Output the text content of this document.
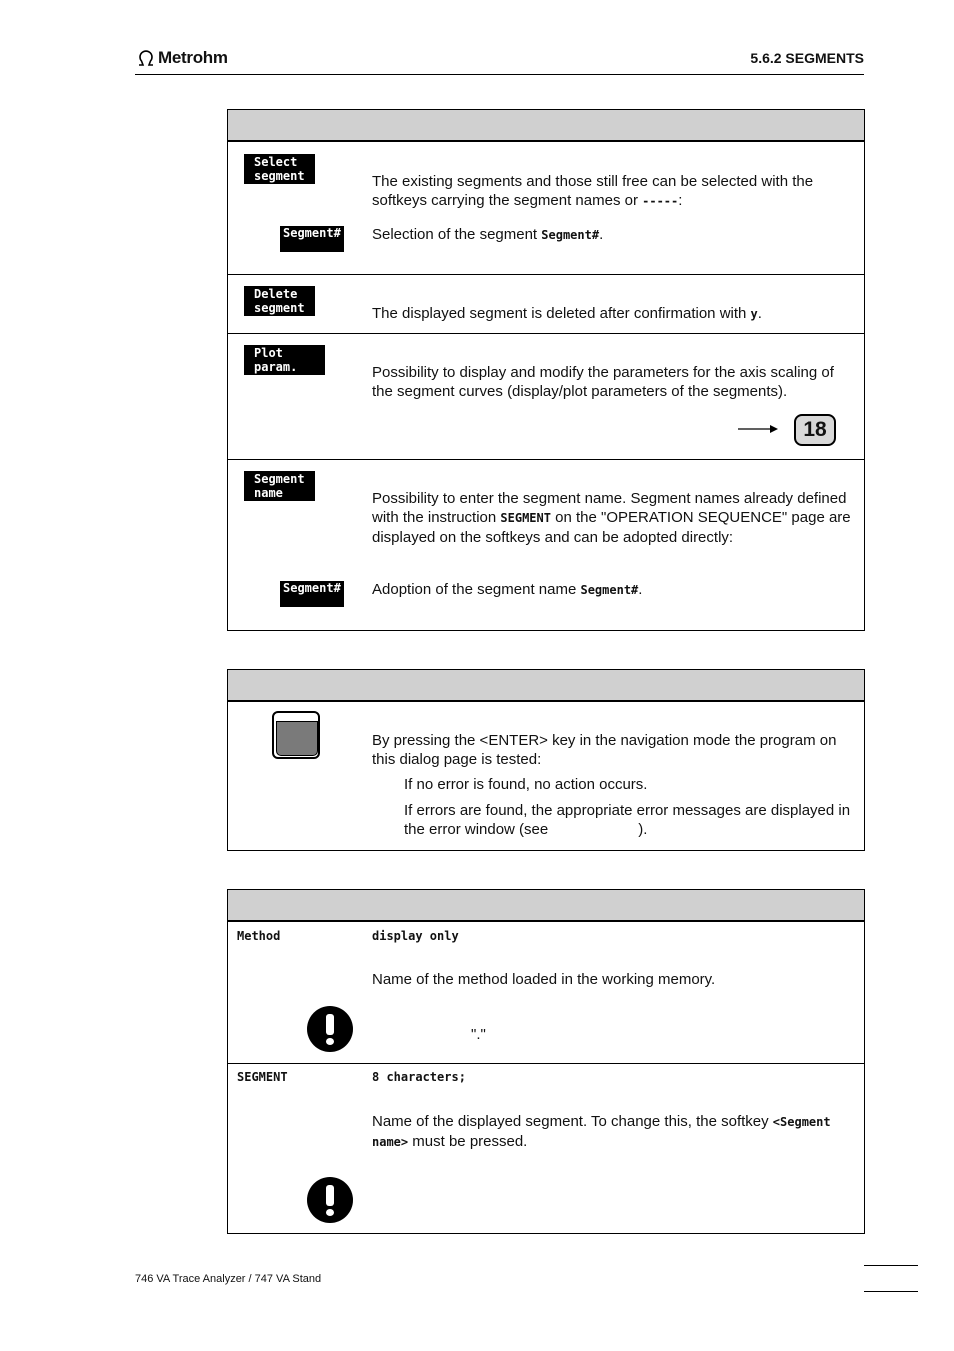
Metrohm	5.6.2 SEGMENTS
Select
segment	The existing segments and those still free can be selected with the softkeys carrying the segment names or -----:
Segment# Selection of the segment Segment#.
Delete
segment	The displayed segment is deleted after confirmation with y.
Plot
param.	Possibility to display and modify the parameters for the axis scaling of the segment curves (display/plot parameters of the segments).
18
Segment
name	Possibility to enter the segment name. Segment names already defined with the instruction SEGMENT on the "OPERATION SEQUENCE" page are displayed on the softkeys and can be adopted directly:
Segment# Adoption of the segment name Segment#.
By pressing the <ENTER> key in the navigation mode the program on this dialog page is tested:
If no error is found, no action occurs.
If errors are found, the appropriate error messages are displayed in the error window (see	).
Method	display only
Name of the method loaded in the working memory.
"."
SEGMENT	8 characters;
Name of the displayed segment. To change this, the softkey <Segment name> must be pressed.
746 VA Trace Analyzer / 747 VA Stand
